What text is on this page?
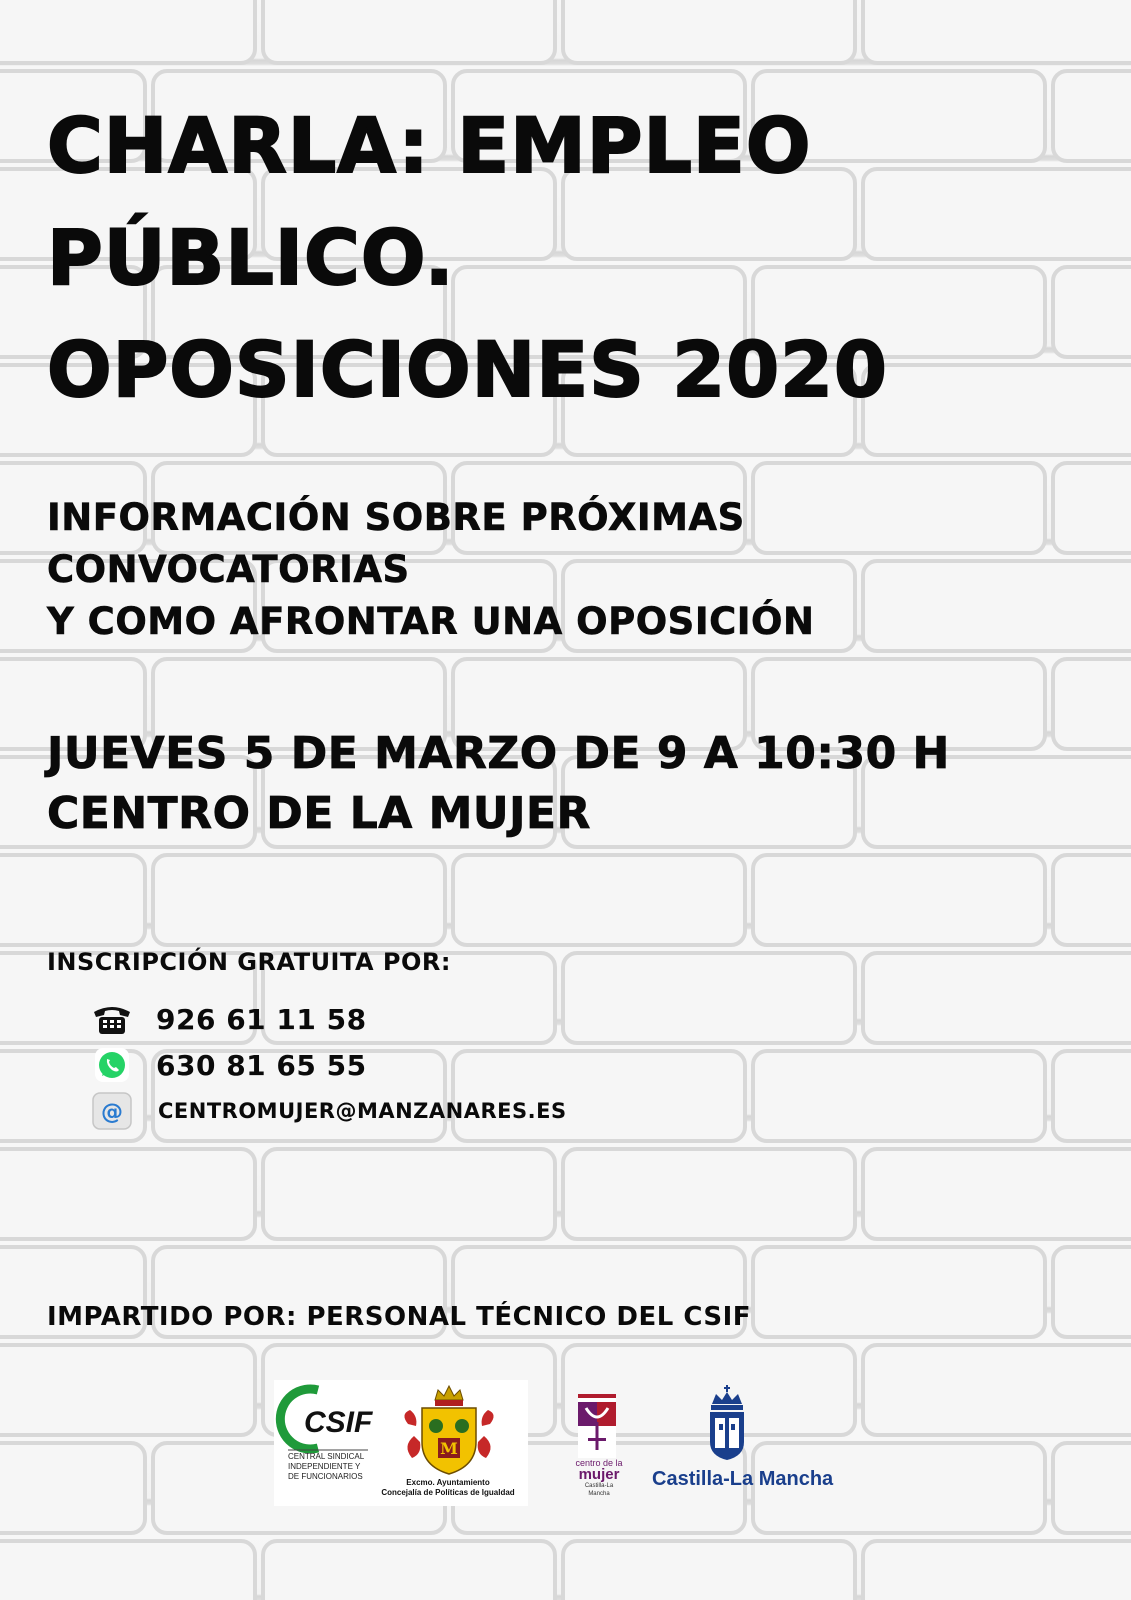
CHARLA: EMPLEO
PÚBLICO.
OPOSICIONES 2020
INFORMACIÓN SOBRE PRÓXIMAS
CONVOCATORIAS
Y COMO AFRONTAR UNA OPOSICIÓN
JUEVES 5 DE MARZO DE 9 A 10:30 H
CENTRO DE LA MUJER
INSCRIPCIÓN GRATUITA POR:
926 61 11 58
630 81 65 55
@ CENTROMUJER@MANZANARES.ES
IMPARTIDO POR: PERSONAL TÉCNICO DEL CSIF
CSIF
CENTRAL SINDICAL
INDEPENDIENTE Y
DE FUNCIONARIOS
M
Excmo. Ayuntamiento
Concejalía de Políticas de Igualdad
centro de la
mujer
Castilla-La Mancha
Castilla-La Mancha
